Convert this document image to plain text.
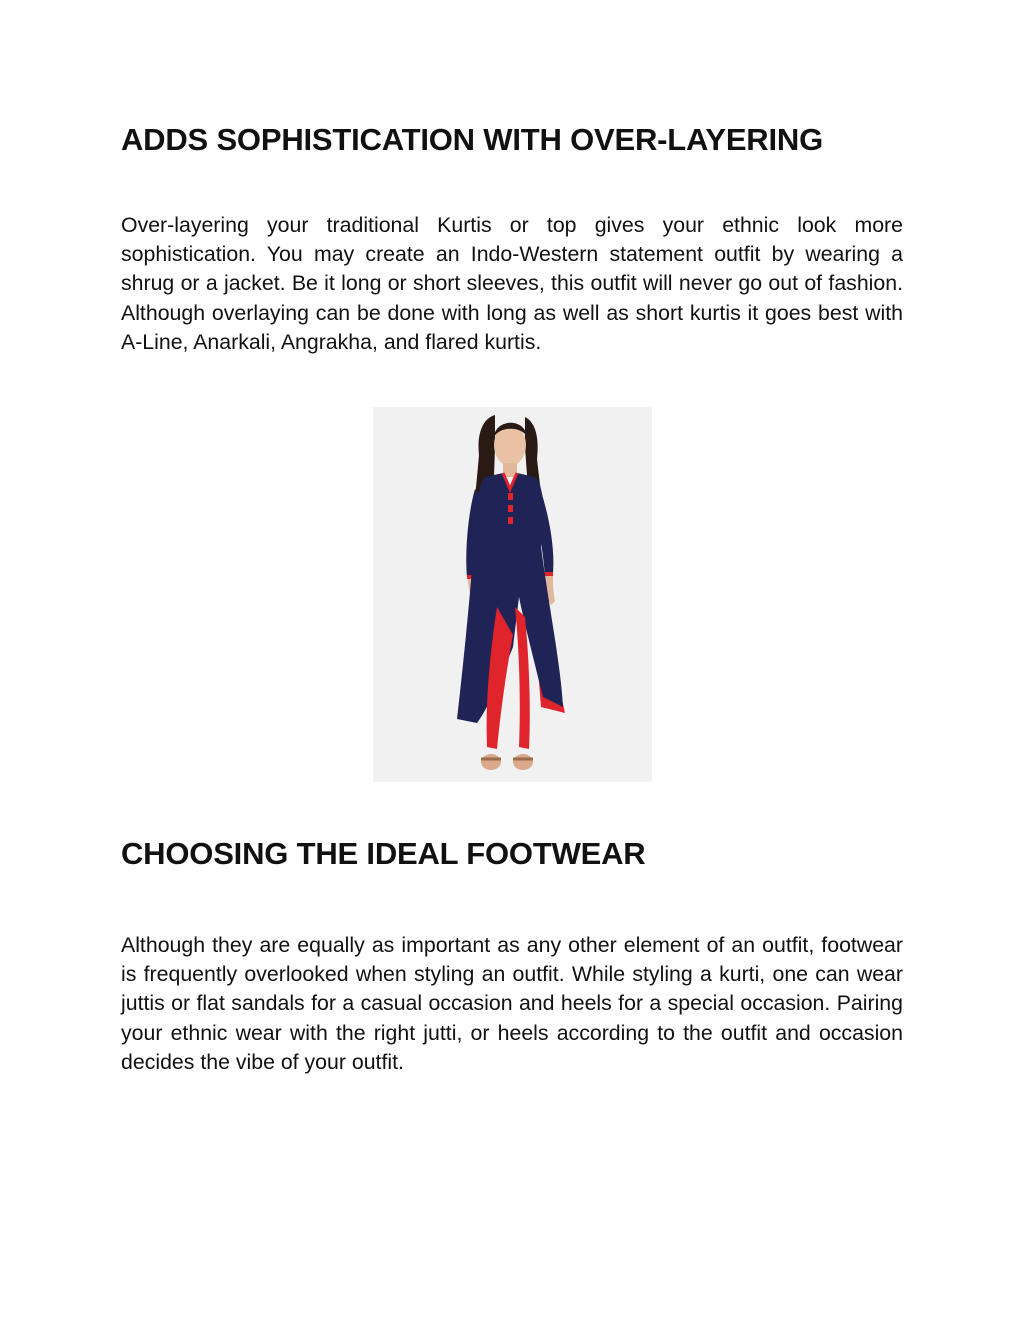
ADDS SOPHISTICATION WITH OVER-LAYERING

Over-layering your traditional Kurtis or top gives your ethnic look more sophistication. You may create an Indo-Western statement outfit by wearing a shrug or a jacket. Be it long or short sleeves, this outfit will never go out of fashion. Although overlaying can be done with long as well as short kurtis it goes best with A-Line, Anarkali, Angrakha, and flared kurtis.

CHOOSING THE IDEAL FOOTWEAR

Although they are equally as important as any other element of an outfit, footwear is frequently overlooked when styling an outfit. While styling a kurti, one can wear juttis or flat sandals for a casual occasion and heels for a special occasion. Pairing your ethnic wear with the right jutti, or heels according to the outfit and occasion decides the vibe of your outfit.
